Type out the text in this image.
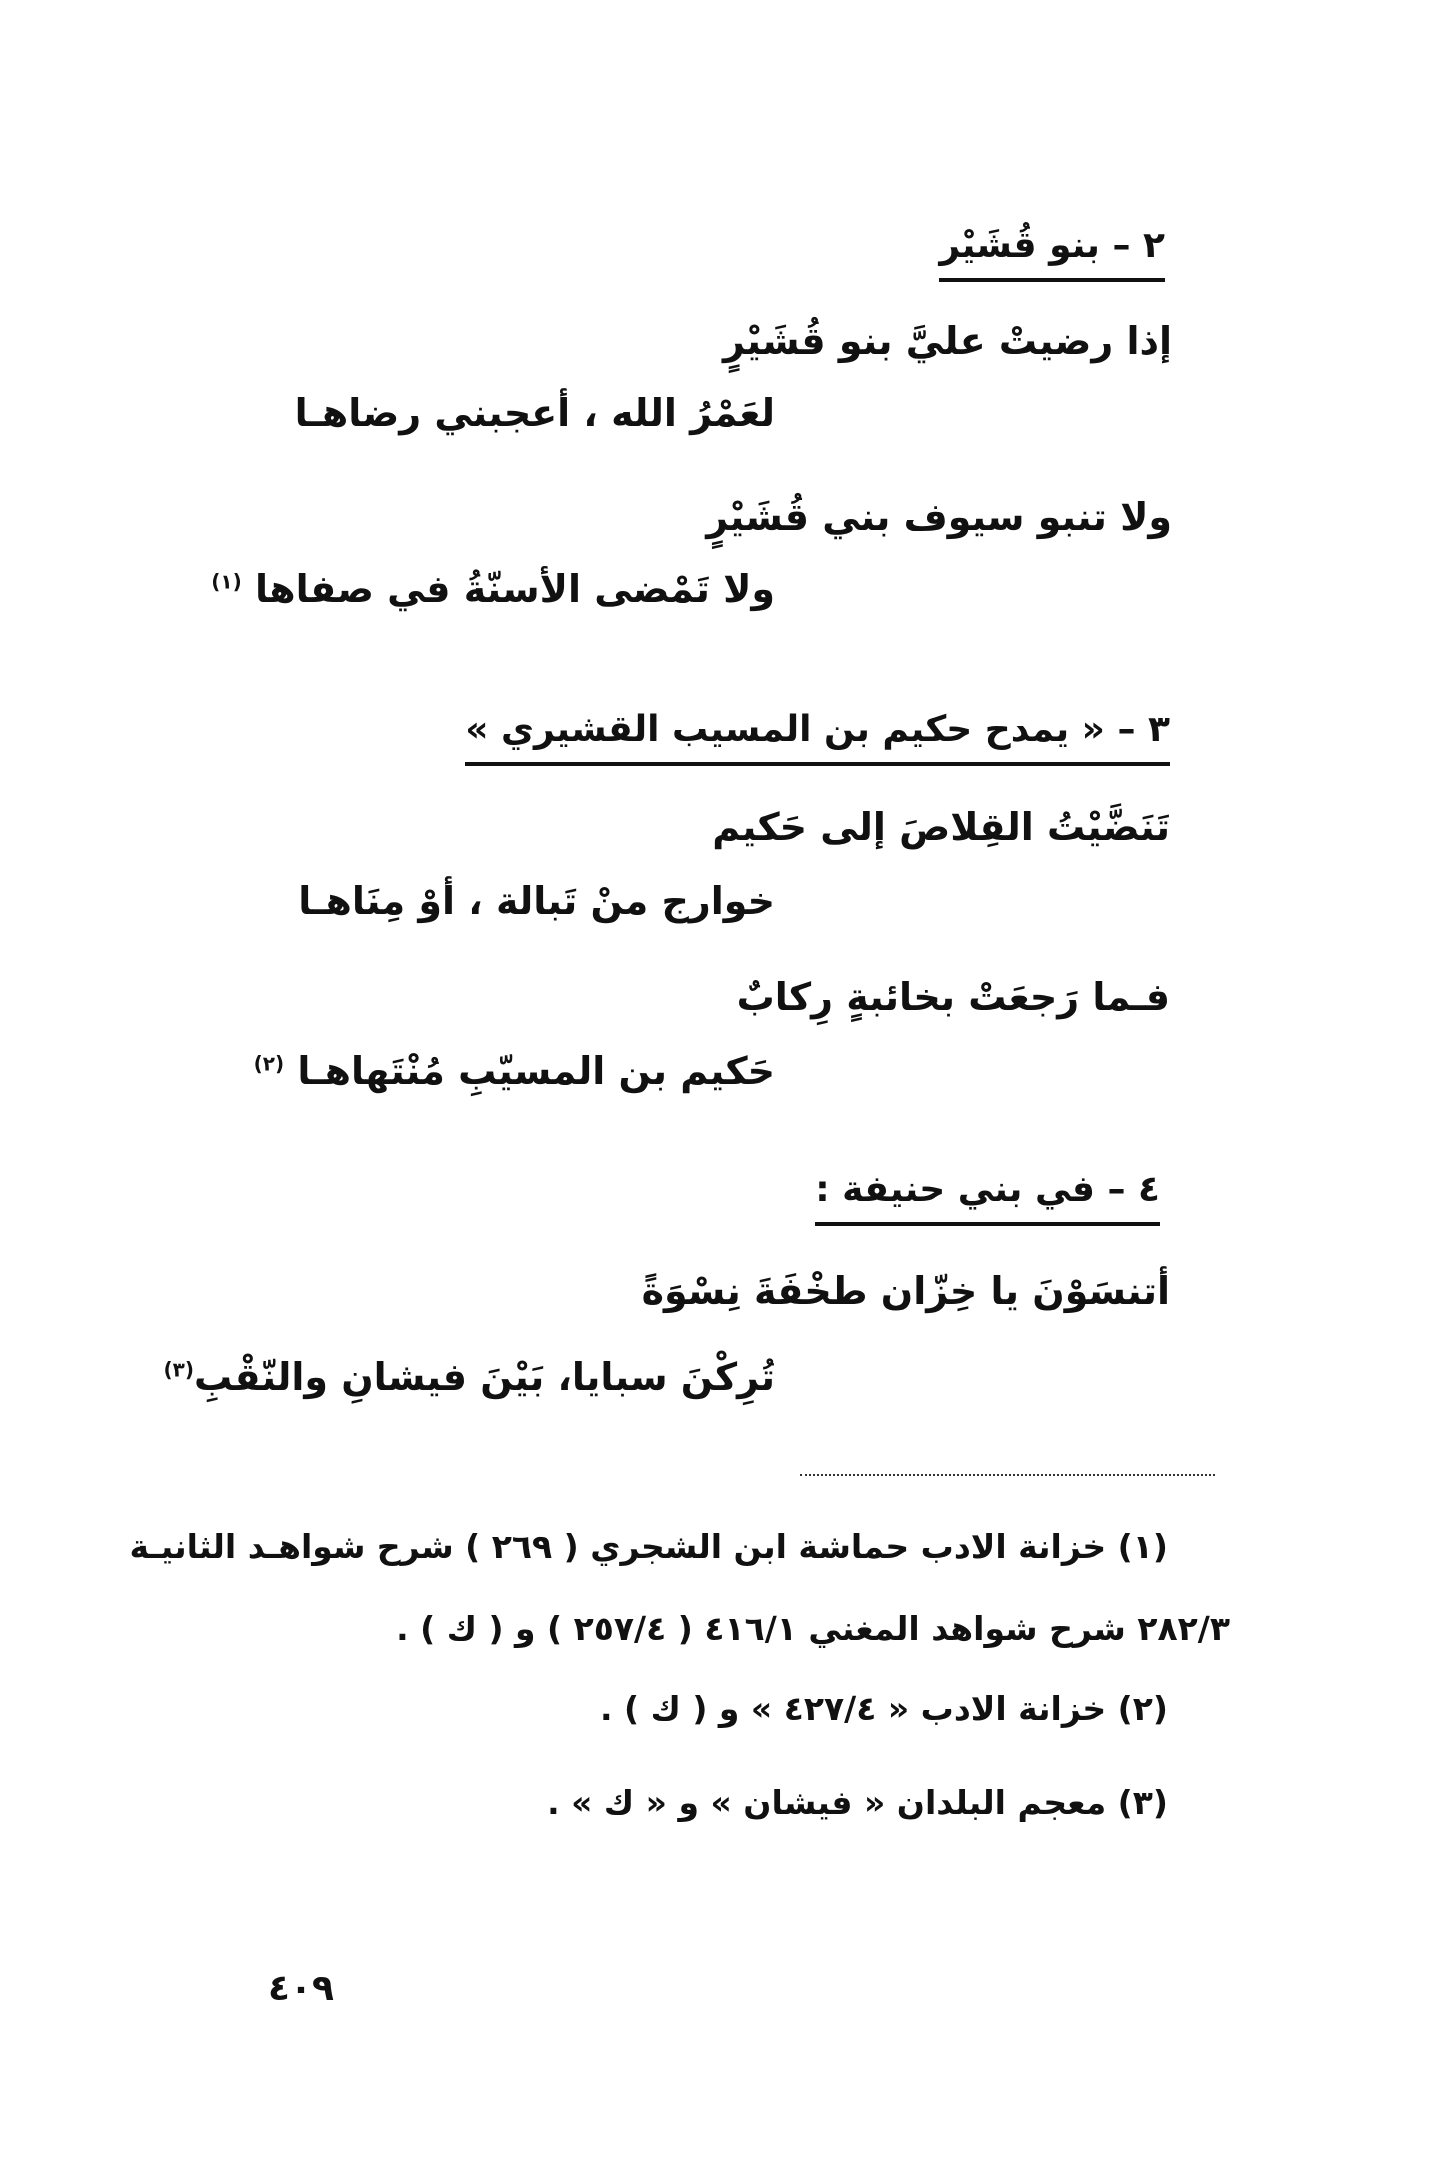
٢ – بنو قُشَيْر
إذا رضيتْ عليَّ بنو قُشَيْرٍ
لعَمْرُ الله ، أعجبني رضاهـا
ولا تنبو سيوف بني قُشَيْرٍ
ولا تَمْضى الأسنّةُ في صفاها $^{(١)}$
٣ – « يمدح حكيم بن المسيب القشيري »
تَنَضَّيْتُ القِلاصَ إلى حَكيم
خوارج منْ تَبالة ، أوْ مِنَاهـا
فـما رَجعَتْ بخائبةٍ رِكابٌ
حَكيم بن المسيّبِ مُنْتَهاهـا $^{(٢)}$
٤ – في بني حنيفة :
أتنسَوْنَ يا خِزّان طخْفَةَ نِسْوَةً
تُرِكْنَ سبايا، بَيْنَ فيشانِ والنّقْبِ$^{(٣)}$
(١) خزانة الادب حماشة ابن الشجري ( ٢٦٩ ) شرح شواهـد الثانيـة
٢٨٢/٣ شرح شواهد المغني ٤١٦/١ ( ٢٥٧/٤ ) و ( ك ) .
(٢) خزانة الادب « ٤٢٧/٤ » و ( ك ) .
(٣) معجم البلدان « فيشان » و « ك » .
٤٠٩
